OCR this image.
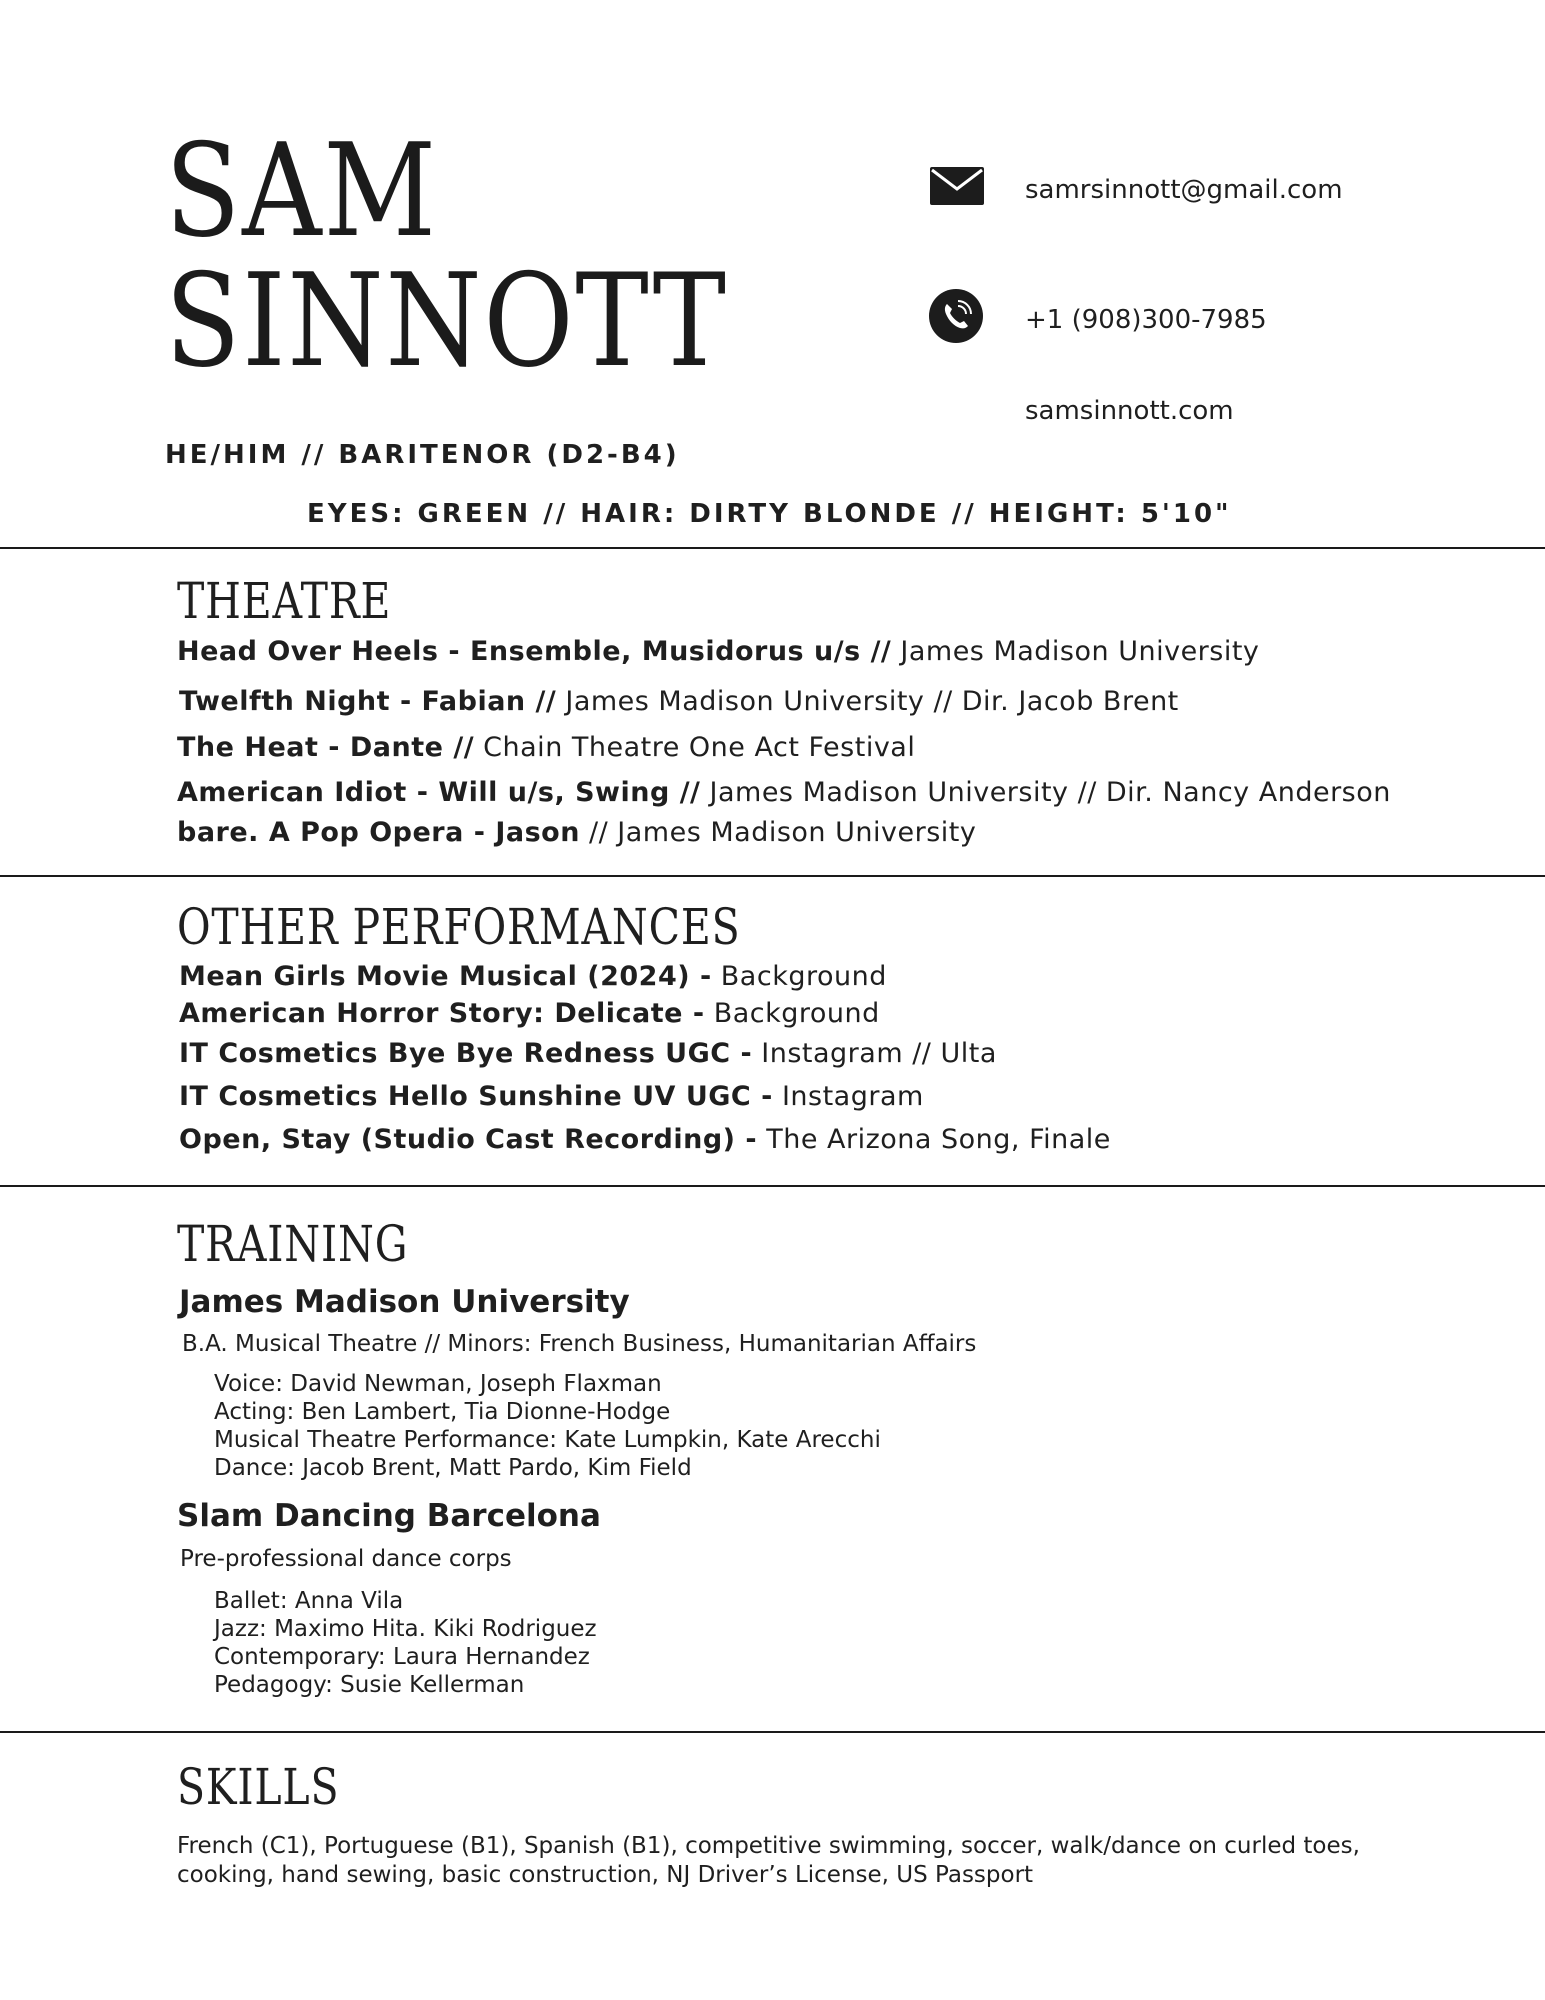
SAM
SINNOTT
samrsinnott@gmail.com
+1 (908)300-7985
samsinnott.com
HE/HIM // BARITENOR (D2-B4)
EYES: GREEN // HAIR: DIRTY BLONDE // HEIGHT: 5'10"
THEATRE
Head Over Heels - Ensemble, Musidorus u/s // James Madison University
Twelfth Night - Fabian // James Madison University // Dir. Jacob Brent
The Heat - Dante // Chain Theatre One Act Festival
American Idiot - Will u/s, Swing // James Madison University // Dir. Nancy Anderson
bare. A Pop Opera - Jason // James Madison University
OTHER PERFORMANCES
Mean Girls Movie Musical (2024) - Background
American Horror Story: Delicate - Background
IT Cosmetics Bye Bye Redness UGC - Instagram // Ulta
IT Cosmetics Hello Sunshine UV UGC - Instagram
Open, Stay (Studio Cast Recording) - The Arizona Song, Finale
TRAINING
James Madison University
B.A. Musical Theatre // Minors: French Business, Humanitarian Affairs
Voice: David Newman, Joseph Flaxman
Acting: Ben Lambert, Tia Dionne-Hodge
Musical Theatre Performance: Kate Lumpkin, Kate Arecchi
Dance: Jacob Brent, Matt Pardo, Kim Field
Slam Dancing Barcelona
Pre-professional dance corps
Ballet: Anna Vila
Jazz: Maximo Hita. Kiki Rodriguez
Contemporary: Laura Hernandez
Pedagogy: Susie Kellerman
SKILLS
French (C1), Portuguese (B1), Spanish (B1), competitive swimming, soccer, walk/dance on curled toes, cooking, hand sewing, basic construction, NJ Driver’s License, US Passport
